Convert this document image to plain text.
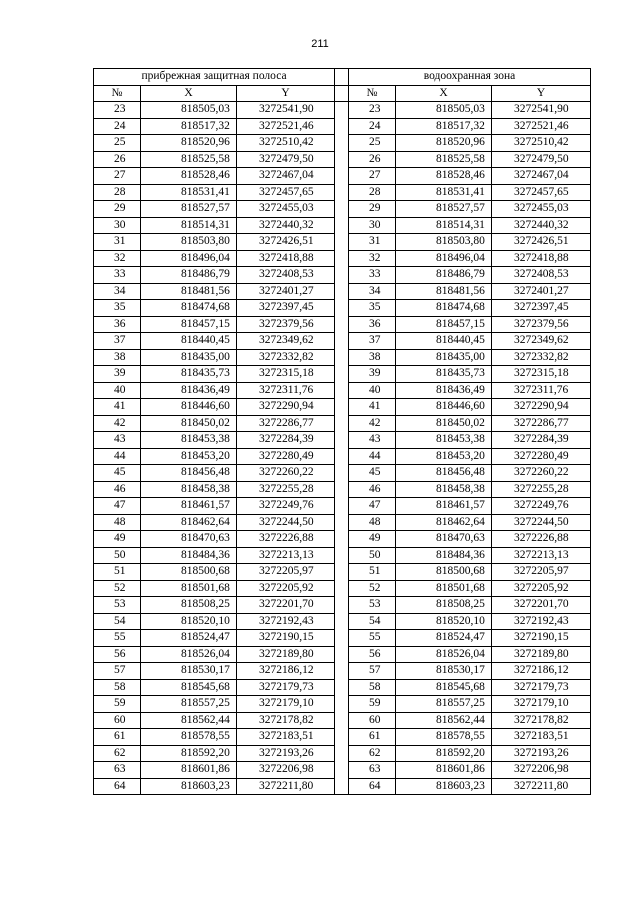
211
прибрежная защитная полоса				водоохранная зона		
№	X	Y		№	X	Y
23	818505,03	3272541,90		23	818505,03	3272541,90
24	818517,32	3272521,46		24	818517,32	3272521,46
25	818520,96	3272510,42		25	818520,96	3272510,42
26	818525,58	3272479,50		26	818525,58	3272479,50
27	818528,46	3272467,04		27	818528,46	3272467,04
28	818531,41	3272457,65		28	818531,41	3272457,65
29	818527,57	3272455,03		29	818527,57	3272455,03
30	818514,31	3272440,32		30	818514,31	3272440,32
31	818503,80	3272426,51		31	818503,80	3272426,51
32	818496,04	3272418,88		32	818496,04	3272418,88
33	818486,79	3272408,53		33	818486,79	3272408,53
34	818481,56	3272401,27		34	818481,56	3272401,27
35	818474,68	3272397,45		35	818474,68	3272397,45
36	818457,15	3272379,56		36	818457,15	3272379,56
37	818440,45	3272349,62		37	818440,45	3272349,62
38	818435,00	3272332,82		38	818435,00	3272332,82
39	818435,73	3272315,18		39	818435,73	3272315,18
40	818436,49	3272311,76		40	818436,49	3272311,76
41	818446,60	3272290,94		41	818446,60	3272290,94
42	818450,02	3272286,77		42	818450,02	3272286,77
43	818453,38	3272284,39		43	818453,38	3272284,39
44	818453,20	3272280,49		44	818453,20	3272280,49
45	818456,48	3272260,22		45	818456,48	3272260,22
46	818458,38	3272255,28		46	818458,38	3272255,28
47	818461,57	3272249,76		47	818461,57	3272249,76
48	818462,64	3272244,50		48	818462,64	3272244,50
49	818470,63	3272226,88		49	818470,63	3272226,88
50	818484,36	3272213,13		50	818484,36	3272213,13
51	818500,68	3272205,97		51	818500,68	3272205,97
52	818501,68	3272205,92		52	818501,68	3272205,92
53	818508,25	3272201,70		53	818508,25	3272201,70
54	818520,10	3272192,43		54	818520,10	3272192,43
55	818524,47	3272190,15		55	818524,47	3272190,15
56	818526,04	3272189,80		56	818526,04	3272189,80
57	818530,17	3272186,12		57	818530,17	3272186,12
58	818545,68	3272179,73		58	818545,68	3272179,73
59	818557,25	3272179,10		59	818557,25	3272179,10
60	818562,44	3272178,82		60	818562,44	3272178,82
61	818578,55	3272183,51		61	818578,55	3272183,51
62	818592,20	3272193,26		62	818592,20	3272193,26
63	818601,86	3272206,98		63	818601,86	3272206,98
64	818603,23	3272211,80		64	818603,23	3272211,80
